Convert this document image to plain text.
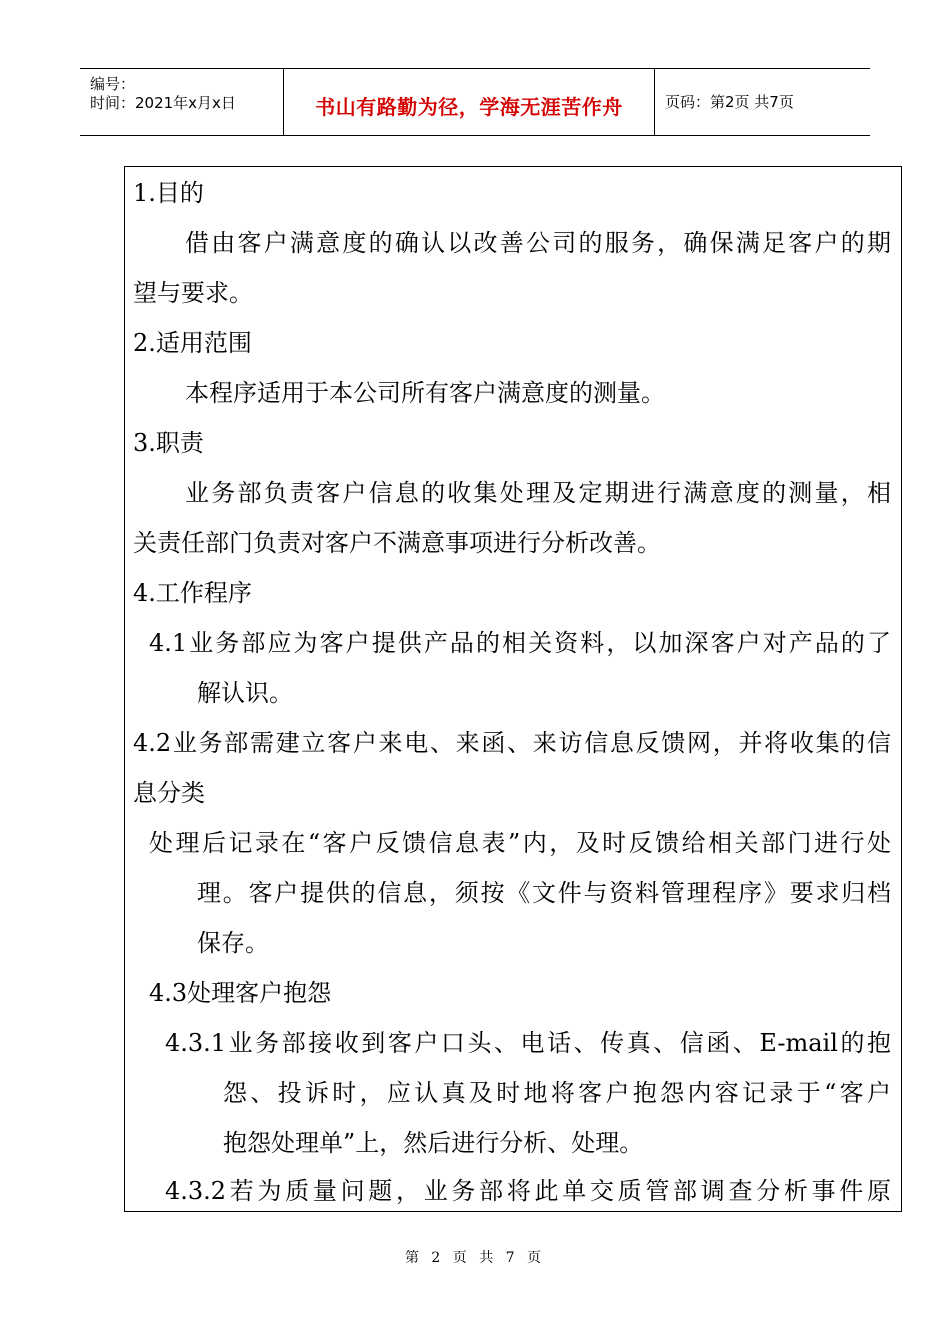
编号：
时间：2021年x月x日	书山有路勤为径，学海无涯苦作舟	页码：第2页 共7页
1.目的
借由客户满意度的确认以改善公司的服务，确保满足客户的期
望与要求。
2.适用范围
本程序适用于本公司所有客户满意度的测量。
3.职责
业务部负责客户信息的收集处理及定期进行满意度的测量，相
关责任部门负责对客户不满意事项进行分析改善。
4.工作程序
4.1业务部应为客户提供产品的相关资料，以加深客户对产品的了
解认识。
4.2业务部需建立客户来电、来函、来访信息反馈网，并将收集的信
息分类
处理后记录在“客户反馈信息表”内，及时反馈给相关部门进行处
理。客户提供的信息，须按《文件与资料管理程序》要求归档
保存。
4.3处理客户抱怨
4.3.1业务部接收到客户口头、电话、传真、信函、E-mail的抱
怨、投诉时，应认真及时地将客户抱怨内容记录于“客户
抱怨处理单”上，然后进行分析、处理。
4.3.2若为质量问题，业务部将此单交质管部调查分析事件原
第 2 页 共 7 页
